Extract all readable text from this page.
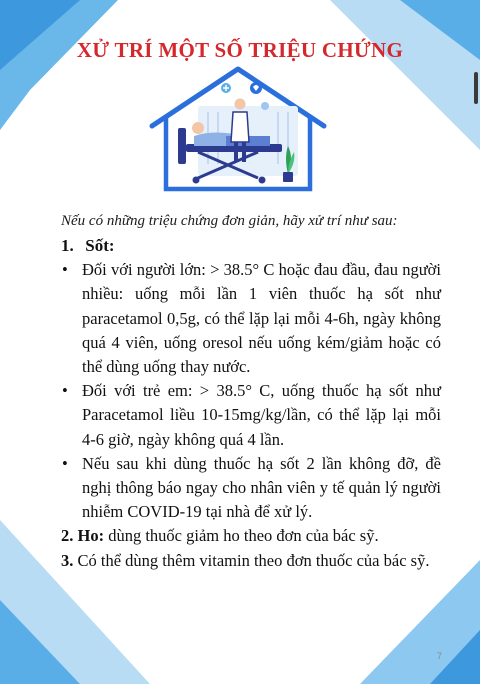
XỬ TRÍ MỘT SỐ TRIỆU CHỨNG
Nếu có những triệu chứng đơn giản, hãy xử trí như sau:
1. Sốt:
• Đối với người lớn: > 38.5° C hoặc đau đầu, đau người nhiều: uống mỗi lần 1 viên thuốc hạ sốt như paracetamol 0,5g, có thể lặp lại mỗi 4-6h, ngày không quá 4 viên, uống oresol nếu uống kém/giảm hoặc có thể dùng uống thay nước.
• Đối với trẻ em: > 38.5° C, uống thuốc hạ sốt như Paracetamol liều 10-15mg/kg/lần, có thể lặp lại mỗi 4-6 giờ, ngày không quá 4 lần.
• Nếu sau khi dùng thuốc hạ sốt 2 lần không đỡ, đề nghị thông báo ngay cho nhân viên y tế quản lý người nhiễm COVID-19 tại nhà để xử lý.
2. Ho: dùng thuốc giảm ho theo đơn của bác sỹ.
3. Có thể dùng thêm vitamin theo đơn thuốc của bác sỹ.
7
